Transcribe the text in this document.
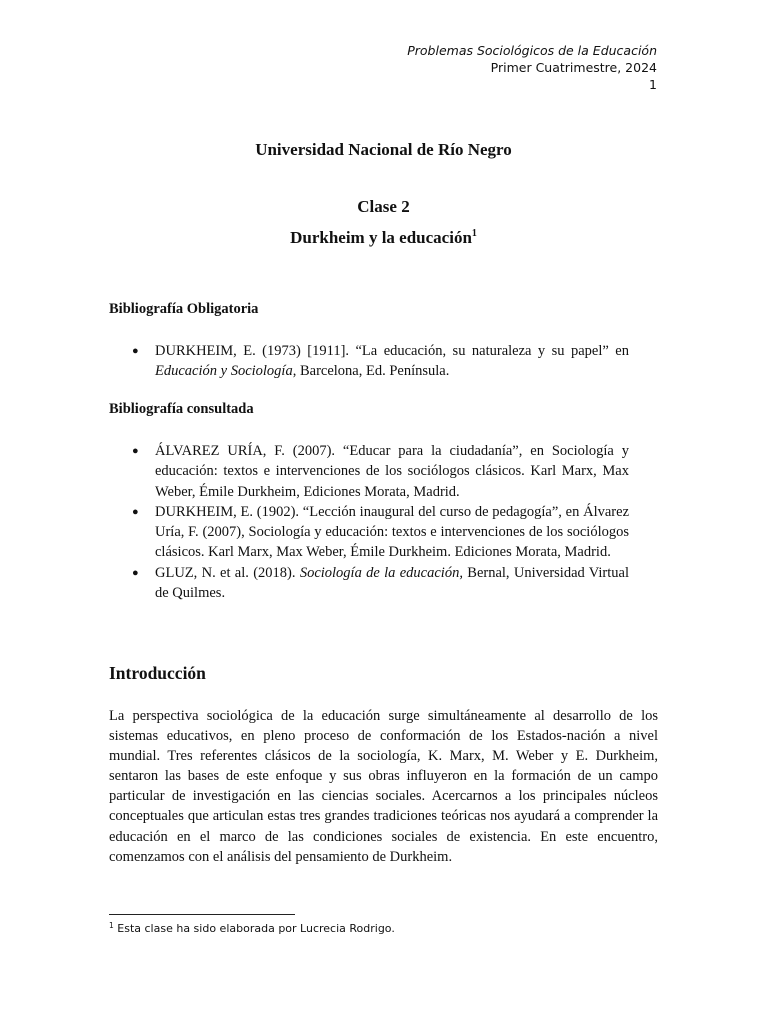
Problemas Sociológicos de la Educación
Primer Cuatrimestre, 2024
1
Universidad Nacional de Río Negro
Clase 2
Durkheim y la educación$^1$
Bibliografía Obligatoria
● DURKHEIM, E. (1973) [1911]. “La educación, su naturaleza y su papel” en Educación y Sociología, Barcelona, Ed. Península.
Bibliografía consultada
● ÁLVAREZ URÍA, F. (2007). “Educar para la ciudadanía”, en Sociología y educación: textos e intervenciones de los sociólogos clásicos. Karl Marx, Max Weber, Émile Durkheim, Ediciones Morata, Madrid.
● DURKHEIM, E. (1902). “Lección inaugural del curso de pedagogía”, en Álvarez Uría, F. (2007), Sociología y educación: textos e intervenciones de los sociólogos clásicos. Karl Marx, Max Weber, Émile Durkheim. Ediciones Morata, Madrid.
● GLUZ, N. et al. (2018). Sociología de la educación, Bernal, Universidad Virtual de Quilmes.
Introducción

La perspectiva sociológica de la educación surge simultáneamente al desarrollo de los sistemas educativos, en pleno proceso de conformación de los Estados-nación a nivel mundial. Tres referentes clásicos de la sociología, K. Marx, M. Weber y E. Durkheim, sentaron las bases de este enfoque y sus obras influyeron en la formación de un campo particular de investigación en las ciencias sociales. Acercarnos a los principales núcleos conceptuales que articulan estas tres grandes tradiciones teóricas nos ayudará a comprender la educación en el marco de las condiciones sociales de existencia. En este encuentro, comenzamos con el análisis del pensamiento de Durkheim.

$^1$ Esta clase ha sido elaborada por Lucrecia Rodrigo.
